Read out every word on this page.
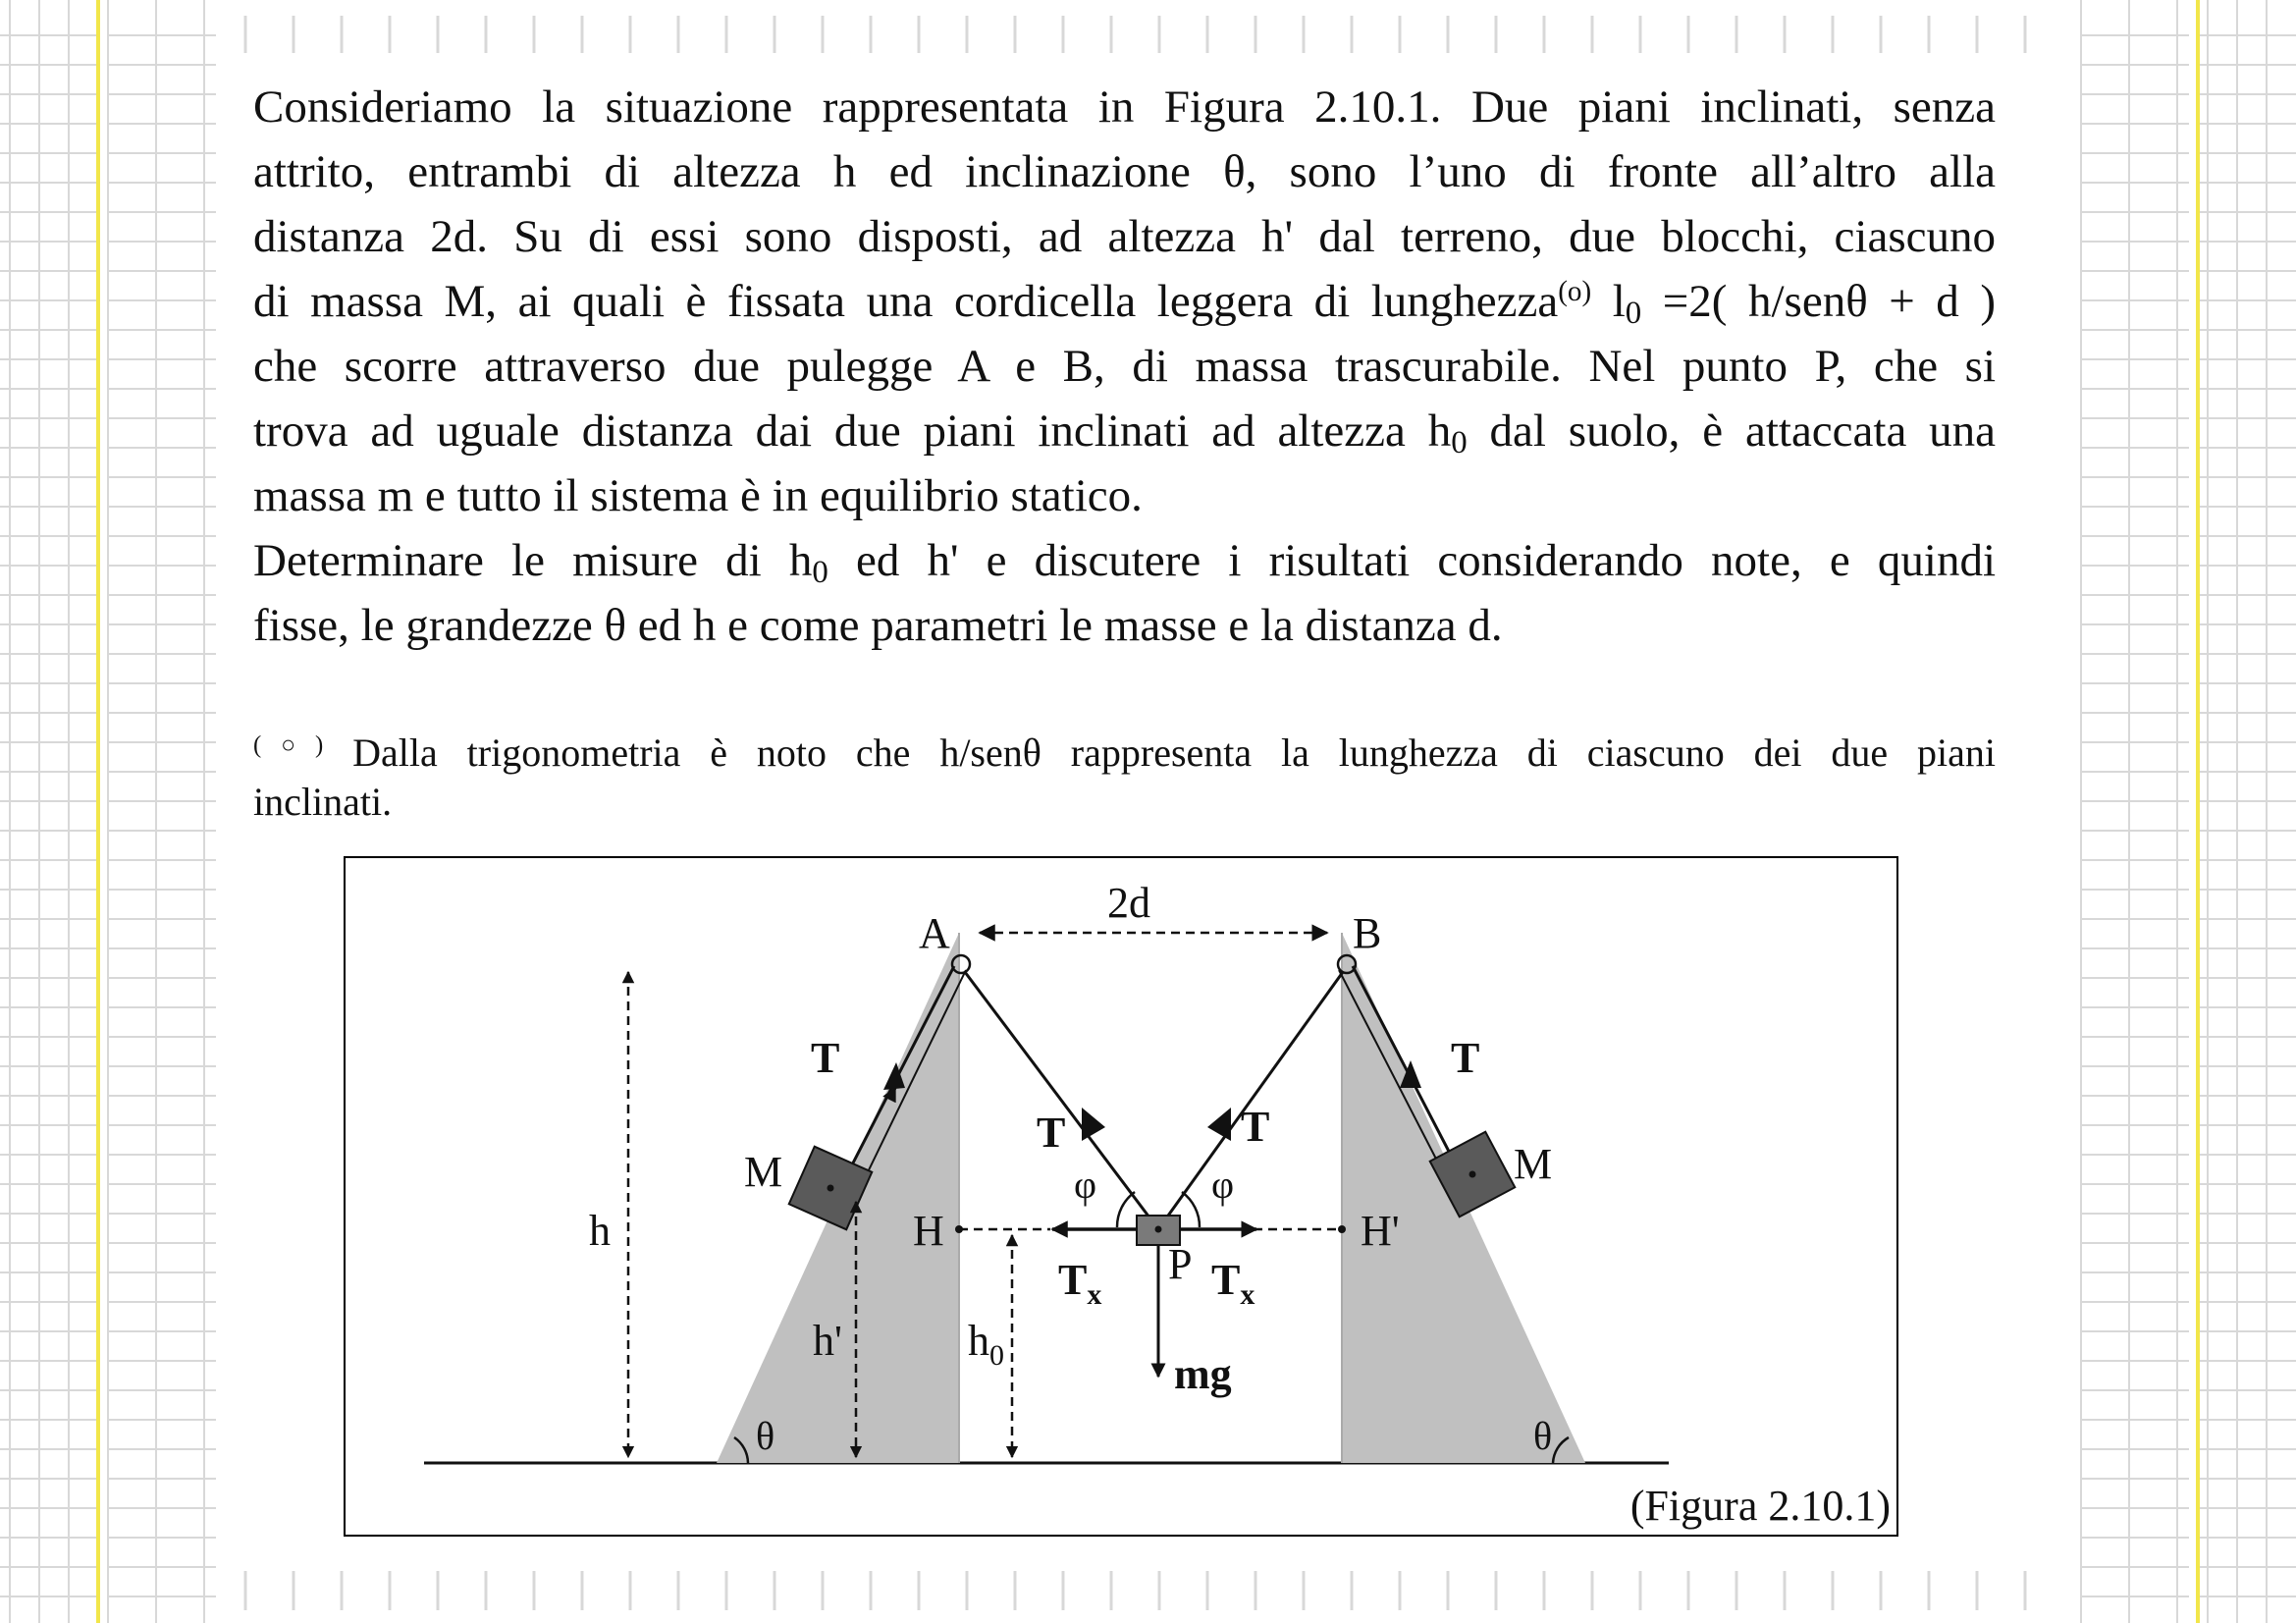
Consideriamo la situazione rappresentata in Figura 2.10.1. Due piani inclinati, senza
attrito, entrambi di altezza h ed inclinazione θ, sono l’uno di fronte all’altro alla
distanza 2d. Su di essi sono disposti, ad altezza h' dal terreno, due blocchi, ciascuno
di massa M, ai quali è fissata una cordicella leggera di lunghezza$^{(o)}$ $l_0 =2$( h/senθ + d )
che scorre attraverso due pulegge A e B, di massa trascurabile. Nel punto P, che si
trova ad uguale distanza dai due piani inclinati ad altezza $h_0$ dal suolo, è attaccata una
massa m e tutto il sistema è in equilibrio statico.
Determinare le misure di $h_0$ ed h' e discutere i risultati considerando note, e quindi
fisse, le grandezze θ ed h e come parametri le masse e la distanza d.
(○) Dalla trigonometria è noto che h/senθ rappresenta la lunghezza di ciascuno dei due piani
inclinati.
2d
A	B
M	M
T	T
T	T
φ	φ
H	H'
$T_x$	$T_x$
P
mg
h
h'	$h_0$
θ	θ
(Figura 2.10.1)
